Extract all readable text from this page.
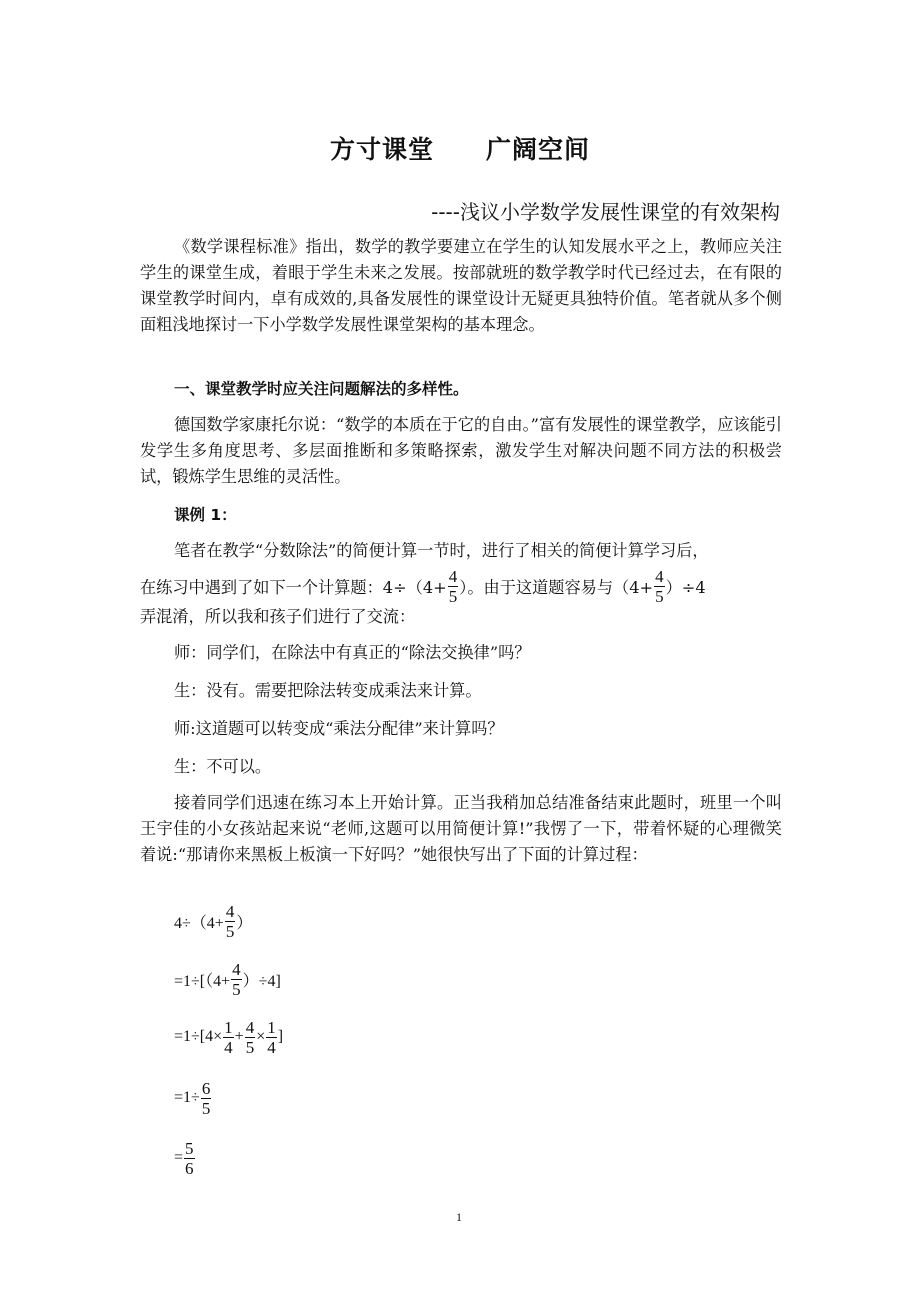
方寸课堂　　广阔空间
----浅议小学数学发展性课堂的有效架构
《数学课程标准》指出，数学的教学要建立在学生的认知发展水平之上，教师应关注学生的课堂生成，着眼于学生未来之发展。按部就班的数学教学时代已经过去，在有限的课堂教学时间内，卓有成效的,具备发展性的课堂设计无疑更具独特价值。笔者就从多个侧面粗浅地探讨一下小学数学发展性课堂架构的基本理念。
一、课堂教学时应关注问题解法的多样性。
德国数学家康托尔说：“数学的本质在于它的自由。”富有发展性的课堂教学，应该能引发学生多角度思考、多层面推断和多策略探索，激发学生对解决问题不同方法的积极尝试，锻炼学生思维的灵活性。
课例 1：
笔者在教学“分数除法”的简便计算一节时，进行了相关的简便计算学习后，
在练习中遇到了如下一个计算题：$4\div(4+ \frac{4}{5}$ ）。由于这道题容易与$(4+ \frac{4}{5} )\div 4$
弄混淆，所以我和孩子们进行了交流：
师：同学们，在除法中有真正的“除法交换律”吗？
生：没有。需要把除法转变成乘法来计算。
师:这道题可以转变成“乘法分配律”来计算吗？
生：不可以。
接着同学们迅速在练习本上开始计算。正当我稍加总结准备结束此题时，班里一个叫王宇佳的小女孩站起来说“老师,这题可以用简便计算!”我愣了一下，带着怀疑的心理微笑着说:“那请你来黑板上板演一下好吗？”她很快写出了下面的计算过程：
$4\div(4+ \frac{4}{5}$ ）
$=1\div[(4+ \frac{4}{5} )\div 4]$
$=1\div[4\times \frac{1}{4} + \frac{4}{5} \times \frac{1}{4}$ ]
$=1\div \frac{6}{5}$
= $\frac{5}{6}$
1
